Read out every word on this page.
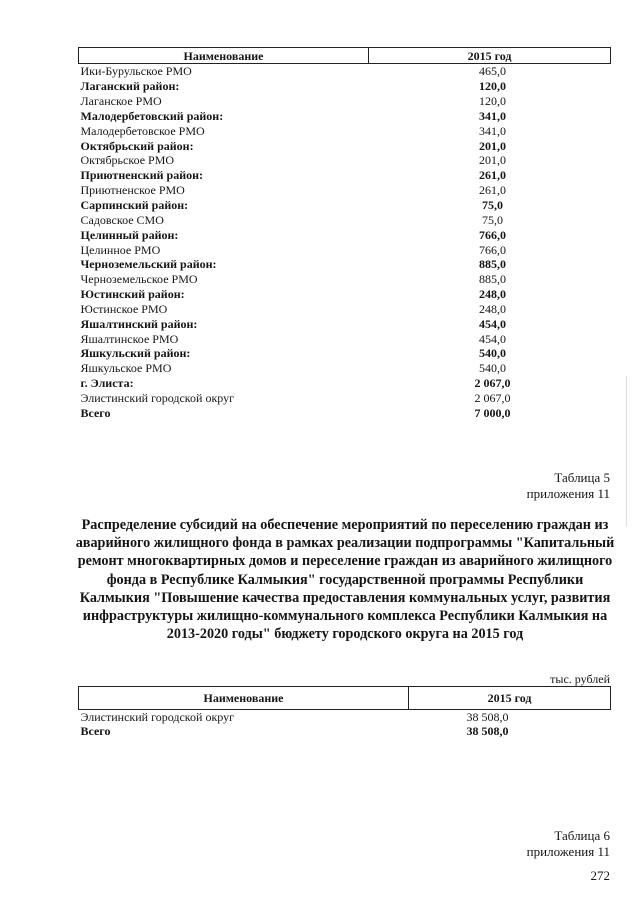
Наименование	2015 год
Ики-Бурульское РМО	465,0
Лаганский район:	120,0
Лаганское РМО	120,0
Малодербетовский район:	341,0
Малодербетовское РМО	341,0
Октябрьский район:	201,0
Октябрьское РМО	201,0
Приютненский район:	261,0
Приютненское РМО	261,0
Сарпинский район:	75,0
Садовское СМО	75,0
Целинный район:	766,0
Целинное РМО	766,0
Черноземельский район:	885,0
Черноземельское РМО	885,0
Юстинский район:	248,0
Юстинское РМО	248,0
Яшалтинский район:	454,0
Яшалтинское РМО	454,0
Яшкульский район:	540,0
Яшкульское РМО	540,0
г. Элиста:	2 067,0
Элистинский городской округ	2 067,0
Всего	7 000,0
Таблица 5
приложения 11
Распределение субсидий на обеспечение мероприятий по переселению граждан из аварийного жилищного фонда в рамках реализации подпрограммы "Капитальный ремонт многоквартирных домов и переселение граждан из аварийного жилищного фонда в Республике Калмыкия" государственной программы Республики Калмыкия "Повышение качества предоставления коммунальных услуг, развития инфраструктуры жилищно-коммунального комплекса Республики Калмыкия на 2013-2020 годы" бюджету городского округа на 2015 год
тыс. рублей
Наименование	2015 год
Элистинский городской округ	38 508,0
Всего	38 508,0
Таблица 6
приложения 11
272
